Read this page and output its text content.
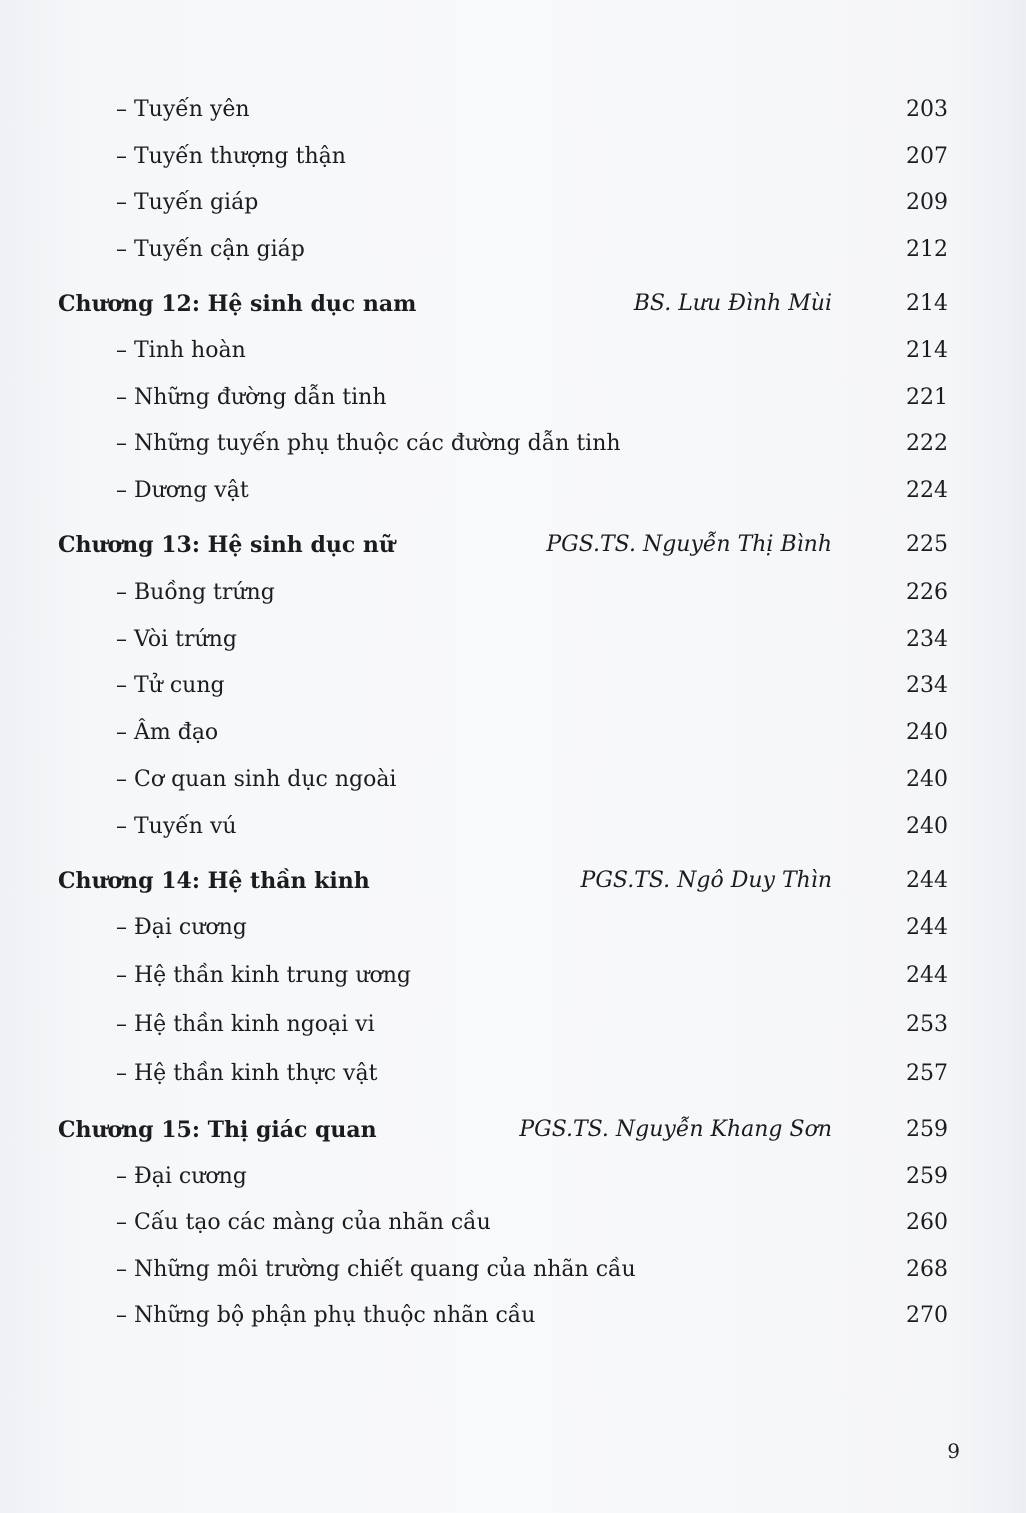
– Tuyến yên	203
– Tuyến thượng thận	207
– Tuyến giáp	209
– Tuyến cận giáp	212
Chương 12: Hệ sinh dục nam	BS. Lưu Đình Mùi	214
– Tinh hoàn	214
– Những đường dẫn tinh	221
– Những tuyến phụ thuộc các đường dẫn tinh	222
– Dương vật	224
Chương 13: Hệ sinh dục nữ	PGS.TS. Nguyễn Thị Bình	225
– Buồng trứng	226
– Vòi trứng	234
– Tử cung	234
– Âm đạo	240
– Cơ quan sinh dục ngoài	240
– Tuyến vú	240
Chương 14: Hệ thần kinh	PGS.TS. Ngô Duy Thìn	244
– Đại cương	244
– Hệ thần kinh trung ương	244
– Hệ thần kinh ngoại vi	253
– Hệ thần kinh thực vật	257
Chương 15: Thị giác quan	PGS.TS. Nguyễn Khang Sơn	259
– Đại cương	259
– Cấu tạo các màng của nhãn cầu	260
– Những môi trường chiết quang của nhãn cầu	268
– Những bộ phận phụ thuộc nhãn cầu	270
9
